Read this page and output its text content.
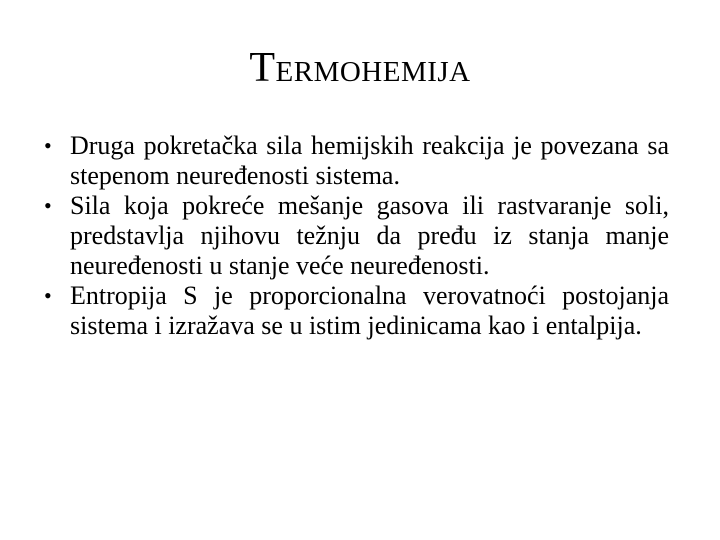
TERMOHEMIJA
• Druga pokretačka sila hemijskih reakcija je povezana sa stepenom neuređenosti sistema.
• Sila koja pokreće mešanje gasova ili rastvaranje soli, predstavlja njihovu težnju da pređu iz stanja manje neuređenosti u stanje veće neuređenosti.
• Entropija S je proporcionalna verovatnoći postojanja sistema i izražava se u istim jedinicama kao i entalpija.
